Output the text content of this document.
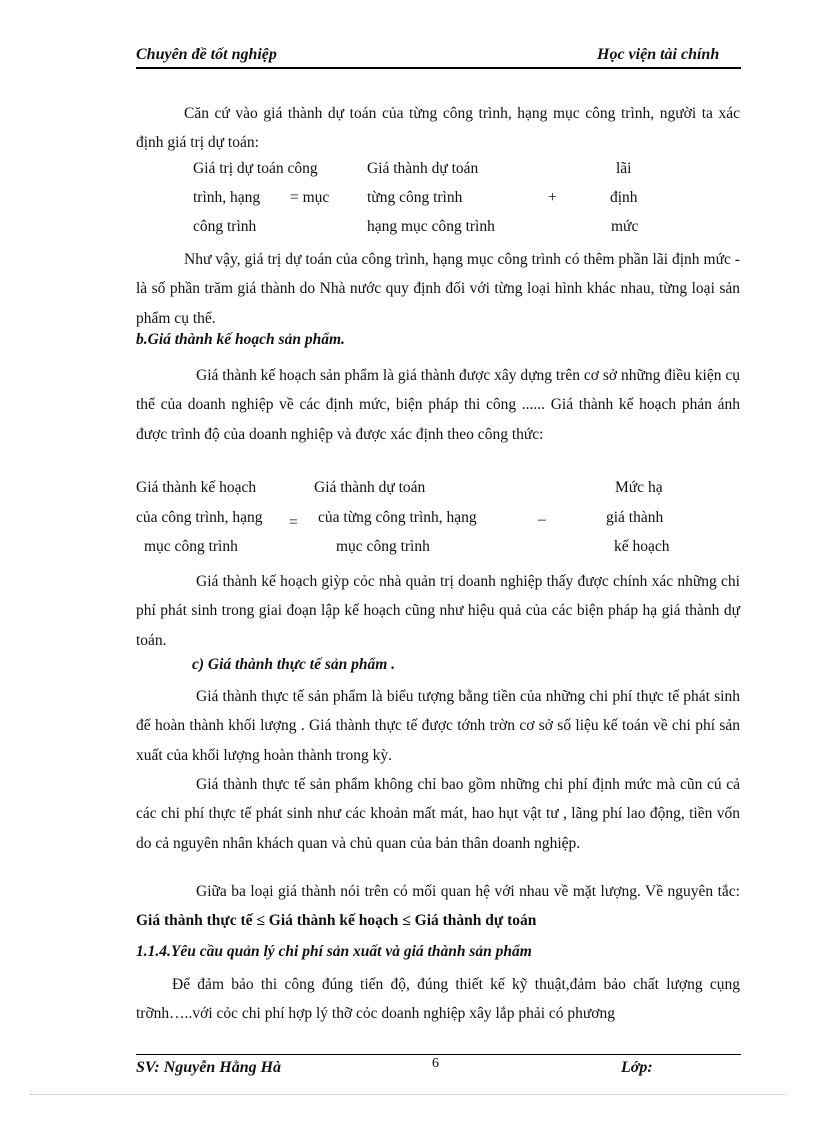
Chuyên đề tốt nghiệp	Học viện tài chính
Căn cứ vào giá thành dự toán của từng công trình, hạng mục công trình, người ta xác định giá trị dự toán:
Giá trị dự toán công
trình, hạng = mục
công trình
Giá thành dự toán
từng công trình
hạng mục công trình
+
lãi
định
mức
Như vậy, giá trị dự toán của công trình, hạng mục công trình có thêm phần lãi định mức - là số phần trăm giá thành do Nhà nước quy định đối với từng loại hình khác nhau, từng loại sản phẩm cụ thể.
b.Giá thành kế hoạch sản phẩm.
Giá thành kế hoạch sản phẩm là giá thành được xây dựng trên cơ sở những điều kiện cụ thể của doanh nghiệp về các định mức, biện pháp thi công ...... Giá thành kế hoạch phản ánh được trình độ của doanh nghiệp và được xác định theo công thức:
Giá thành kế hoạch
của công trình, hạng
mục công trình
=
Giá thành dự toán
của từng công trình, hạng
mục công trình
–
Mức hạ
giá thành
kế hoạch
Giá thành kế hoạch giỳp cỏc nhà quản trị doanh nghiệp thấy được chính xác những chi phí phát sinh trong giai đoạn lập kế hoạch cũng như hiệu quả của các biện pháp hạ giá thành dự toán.
c) Giá thành thực tế sản phẩm .
Giá thành thực tế sản phẩm là biểu tượng bằng tiền của những chi phí thực tế phát sinh để hoàn thành khối lượng . Giá thành thực tế được tớnh trờn cơ sở số liệu kế toán về chi phí sản xuất của khối lượng hoàn thành trong kỳ.
Giá thành thực tế sản phẩm không chỉ bao gồm những chi phí định mức mà cũn cú cả các chi phí thực tế phát sinh như các khoản mất mát, hao hụt vật tư , lãng phí lao động, tiền vốn do cả nguyên nhân khách quan và chủ quan của bản thân doanh nghiệp.
Giữa ba loại giá thành nói trên có mối quan hệ với nhau về mặt lượng. Về nguyên tắc: Giá thành thực tế ≤ Giá thành kế hoạch ≤ Giá thành dự toán
1.1.4.Yêu cầu quản lý chi phí sản xuất và giá thành sản phẩm
Để đảm bảo thi công đúng tiến độ, đúng thiết kế kỹ thuật,đảm bảo chất lượng cụng trỡnh…..với cỏc chi phí hợp lý thỡ cỏc doanh nghiệp xây lắp phải có phương
SV: Nguyễn Hằng Hà	6	Lớp:
